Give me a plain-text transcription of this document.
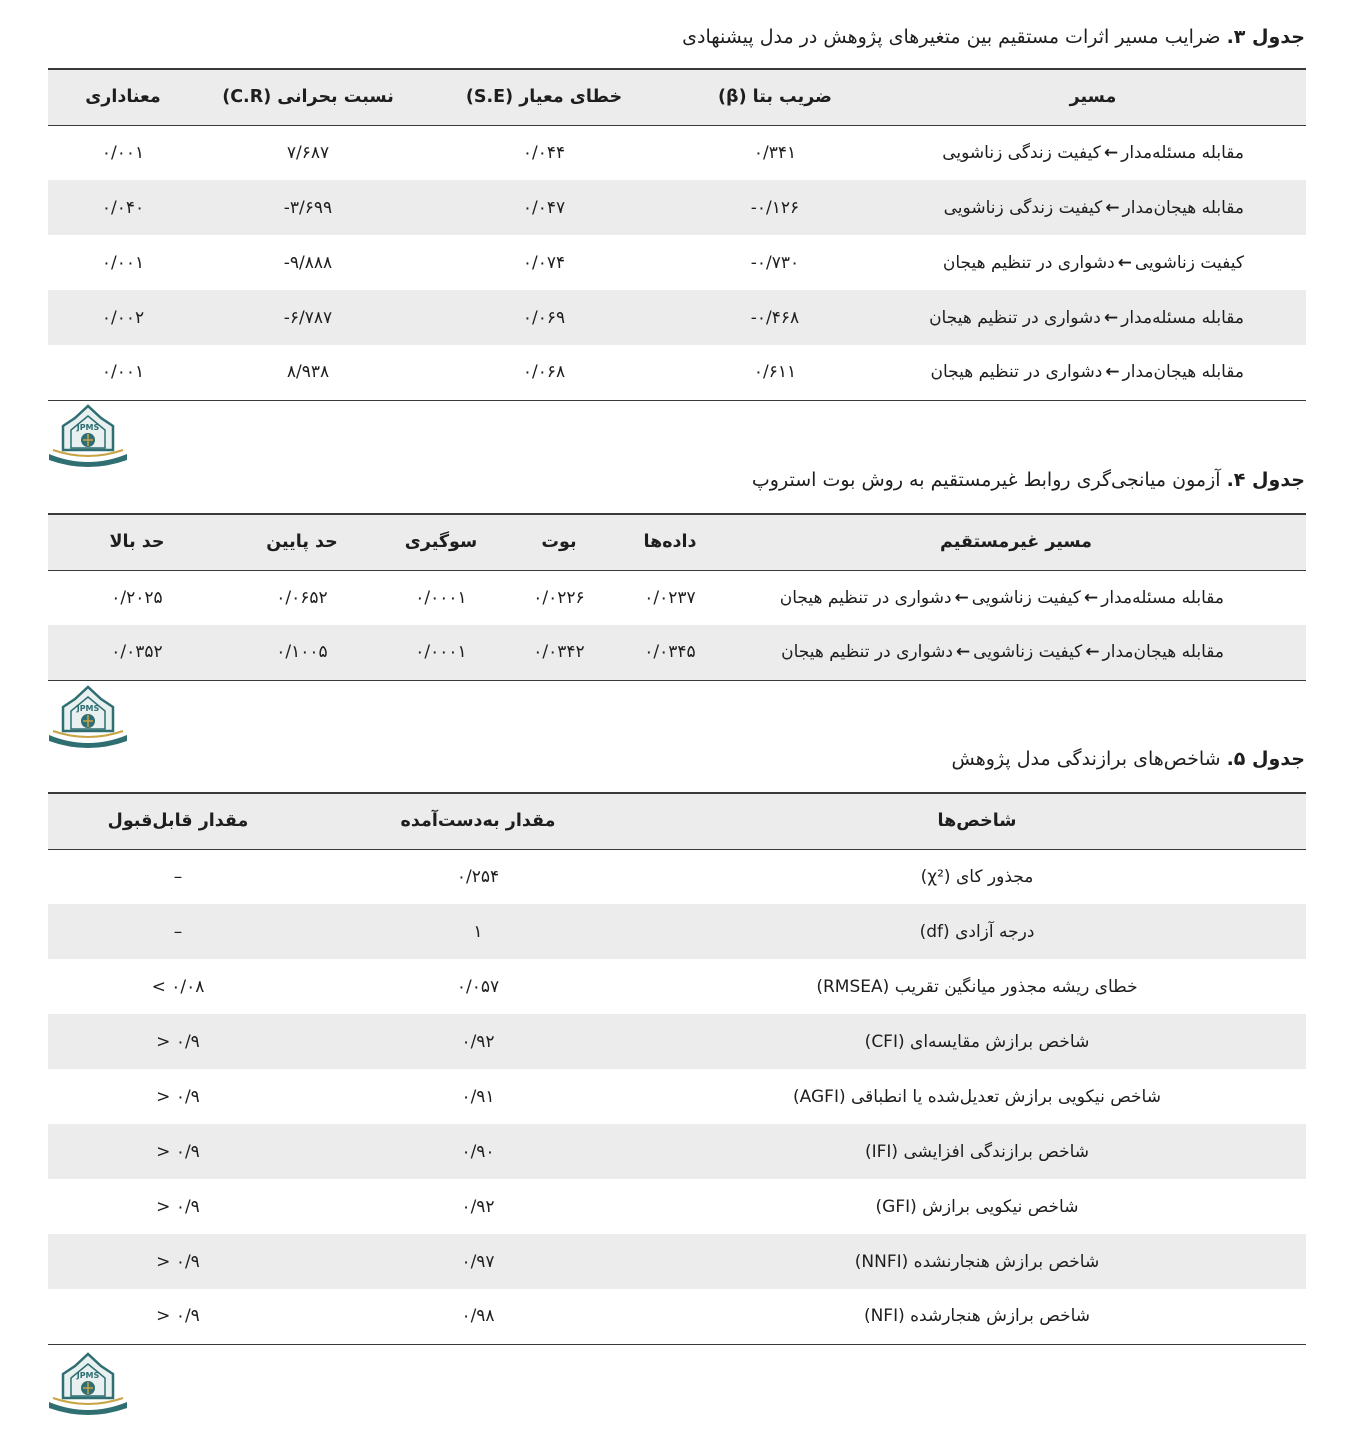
جدول ۳. ضرایب مسیر اثرات مستقیم بین متغیرهای پژوهش در مدل پیشنهادی
مسیر	ضریب بتا (β)	خطای معیار (S.E)	نسبت بحرانی (C.R)	معناداری
مقابله مسئله‌مدار←کیفیت زندگی زناشویی	۰/۳۴۱	۰/۰۴۴	۷/۶۸۷	۰/۰۰۱
مقابله هیجان‌مدار←کیفیت زندگی زناشویی	-۰/۱۲۶	۰/۰۴۷	-۳/۶۹۹	۰/۰۴۰
کیفیت زناشویی←دشواری در تنظیم هیجان	-۰/۷۳۰	۰/۰۷۴	-۹/۸۸۸	۰/۰۰۱
مقابله مسئله‌مدار←دشواری در تنظیم هیجان	-۰/۴۶۸	۰/۰۶۹	-۶/۷۸۷	۰/۰۰۲
مقابله هیجان‌مدار←دشواری در تنظیم هیجان	۰/۶۱۱	۰/۰۶۸	۸/۹۳۸	۰/۰۰۱
JPMS
جدول ۴. آزمون میانجی‌گری روابط غیرمستقیم به روش بوت استروپ
مسیر غیرمستقیم	داده‌ها	بوت	سوگیری	حد پایین	حد بالا
مقابله مسئله‌مدار←کیفیت زناشویی←دشواری در تنظیم هیجان	۰/۰۲۳۷	۰/۰۲۲۶	۰/۰۰۰۱	۰/۰۶۵۲	۰/۲۰۲۵
مقابله هیجان‌مدار←کیفیت زناشویی←دشواری در تنظیم هیجان	۰/۰۳۴۵	۰/۰۳۴۲	۰/۰۰۰۱	۰/۱۰۰۵	۰/۰۳۵۲
JPMS
جدول ۵. شاخص‌های برازندگی مدل پژوهش
شاخص‌ها	مقدار به‌دست‌آمده	مقدار قابل‌قبول
مجذور کای (χ²)	۰/۲۵۴	–
درجه آزادی (df)	۱	–
خطای ریشه مجذور میانگین تقریب (RMSEA)	۰/۰۵۷	۰/۰۸ >
شاخص برازش مقایسه‌ای (CFI)	۰/۹۲	۰/۹ <
شاخص نیکویی برازش تعدیل‌شده یا انطباقی (AGFI)	۰/۹۱	۰/۹ <
شاخص برازندگی افزایشی (IFI)	۰/۹۰	۰/۹ <
شاخص نیکویی برازش (GFI)	۰/۹۲	۰/۹ <
شاخص برازش هنجارنشده (NNFI)	۰/۹۷	۰/۹ <
شاخص برازش هنجارشده (NFI)	۰/۹۸	۰/۹ <
JPMS
